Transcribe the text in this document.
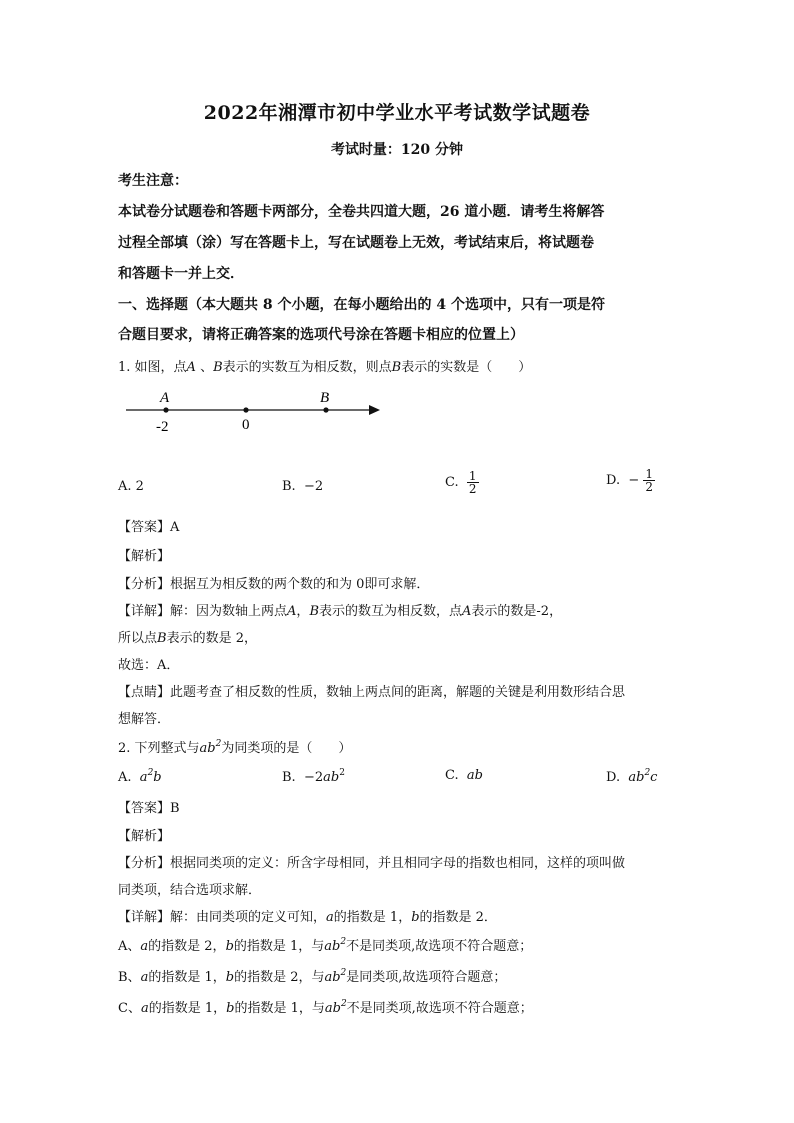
2022年湘潭市初中学业水平考试数学试题卷
考试时量：120 分钟
考生注意：
本试卷分试题卷和答题卡两部分，全卷共四道大题，26 道小题．请考生将解答
过程全部填（涂）写在答题卡上，写在试题卷上无效，考试结束后，将试题卷
和答题卡一并上交．
一、选择题（本大题共 8 个小题，在每小题给出的 4 个选项中，只有一项是符
合题目要求，请将正确答案的选项代号涂在答题卡相应的位置上）
1. 如图，点A 、B表示的实数互为相反数，则点B表示的实数是（　　）
A	B
-2	0
A. 2	B. −2	C. $\frac{1}{2}$	D. − $\frac{1}{2}$
【答案】A
【解析】
【分析】根据互为相反数的两个数的和为 0即可求解．
【详解】解：因为数轴上两点A，B表示的数互为相反数，点A表示的数是-2，
所以点B表示的数是 2，
故选：A．
【点睛】此题考查了相反数的性质，数轴上两点间的距离，解题的关键是利用数形结合思
想解答．
2. 下列整式与$ab^2$为同类项的是（　　）
A. $a^2b$	B. $-2ab^2$	C. ab	D. $ab^2c$
【答案】B
【解析】
【分析】根据同类项的定义：所含字母相同，并且相同字母的指数也相同，这样的项叫做
同类项，结合选项求解．
【详解】解：由同类项的定义可知，a的指数是 1，b的指数是 2．
A、a的指数是 2，b的指数是 1，与$ab^2$不是同类项,故选项不符合题意；
B、a的指数是 1，b的指数是 2，与$ab^2$是同类项,故选项符合题意；
C、a的指数是 1，b的指数是 1，与$ab^2$不是同类项,故选项不符合题意；
